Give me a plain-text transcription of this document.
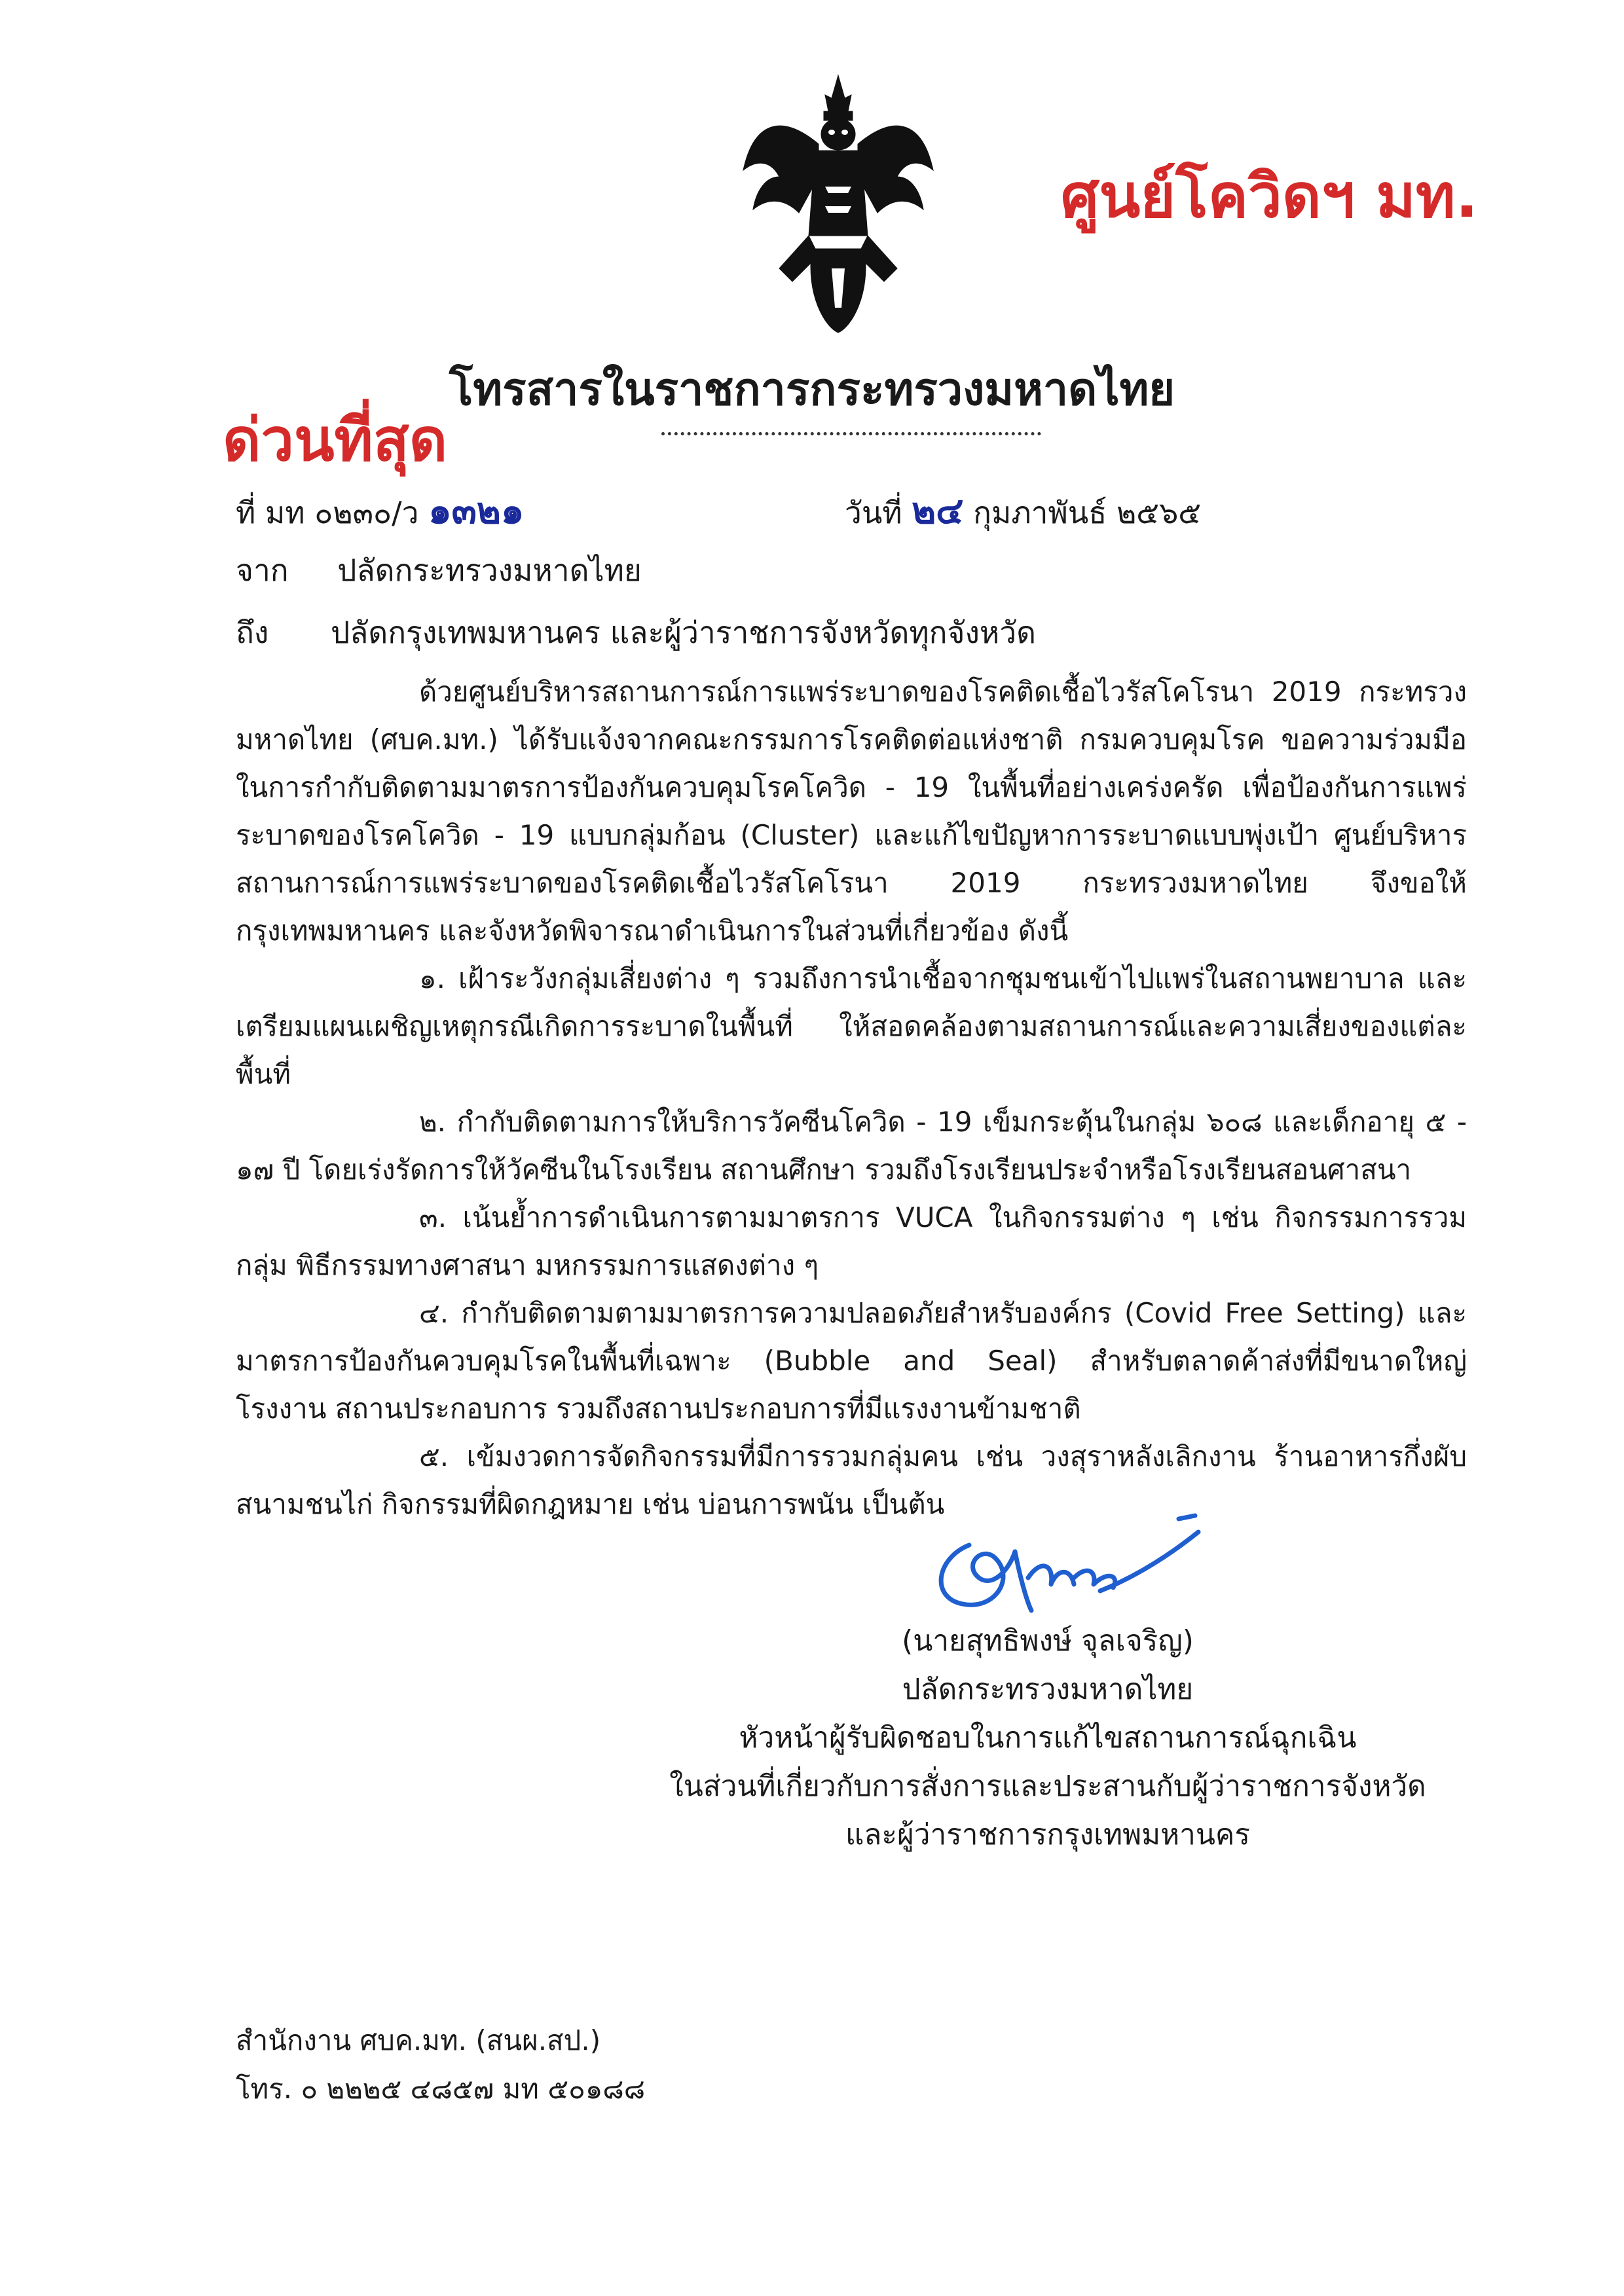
ศูนย์โควิดฯ มท.
โทรสารในราชการกระทรวงมหาดไทย
ด่วนที่สุด
ที่ มท ๐๒๓๐/ว ๑๓๒๑	วันที่ ๒๔ กุมภาพันธ์ ๒๕๖๕
จาก ปลัดกระทรวงมหาดไทย
ถึง ปลัดกรุงเทพมหานคร และผู้ว่าราชการจังหวัดทุกจังหวัด

ด้วยศูนย์บริหารสถานการณ์การแพร่ระบาดของโรคติดเชื้อไวรัสโคโรนา 2019 กระทรวงมหาดไทย (ศบค.มท.) ได้รับแจ้งจากคณะกรรมการโรคติดต่อแห่งชาติ กรมควบคุมโรค ขอความร่วมมือในการกำกับติดตามมาตรการป้องกันควบคุมโรคโควิด - 19 ในพื้นที่อย่างเคร่งครัด เพื่อป้องกันการแพร่ระบาดของโรคโควิด - 19 แบบกลุ่มก้อน (Cluster) และแก้ไขปัญหาการระบาดแบบพุ่งเป้า ศูนย์บริหารสถานการณ์การแพร่ระบาดของโรคติดเชื้อไวรัสโคโรนา 2019 กระทรวงมหาดไทย จึงขอให้กรุงเทพมหานคร และจังหวัดพิจารณาดำเนินการในส่วนที่เกี่ยวข้อง ดังนี้

๑. เฝ้าระวังกลุ่มเสี่ยงต่าง ๆ รวมถึงการนำเชื้อจากชุมชนเข้าไปแพร่ในสถานพยาบาล และเตรียมแผนเผชิญเหตุกรณีเกิดการระบาดในพื้นที่ ให้สอดคล้องตามสถานการณ์และความเสี่ยงของแต่ละพื้นที่

๒. กำกับติดตามการให้บริการวัคซีนโควิด - 19 เข็มกระตุ้นในกลุ่ม ๖๐๘ และเด็กอายุ ๕ - ๑๗ ปี โดยเร่งรัดการให้วัคซีนในโรงเรียน สถานศึกษา รวมถึงโรงเรียนประจำหรือโรงเรียนสอนศาสนา

๓. เน้นย้ำการดำเนินการตามมาตรการ VUCA ในกิจกรรมต่าง ๆ เช่น กิจกรรมการรวมกลุ่ม พิธีกรรมทางศาสนา มหกรรมการแสดงต่าง ๆ

๔. กำกับติดตามตามมาตรการความปลอดภัยสำหรับองค์กร (Covid Free Setting) และมาตรการป้องกันควบคุมโรคในพื้นที่เฉพาะ (Bubble and Seal) สำหรับตลาดค้าส่งที่มีขนาดใหญ่ โรงงาน สถานประกอบการ รวมถึงสถานประกอบการที่มีแรงงานข้ามชาติ

๕. เข้มงวดการจัดกิจกรรมที่มีการรวมกลุ่มคน เช่น วงสุราหลังเลิกงาน ร้านอาหารกึ่งผับ สนามชนไก่ กิจกรรมที่ผิดกฎหมาย เช่น บ่อนการพนัน เป็นต้น

(นายสุทธิพงษ์ จุลเจริญ)
ปลัดกระทรวงมหาดไทย
หัวหน้าผู้รับผิดชอบในการแก้ไขสถานการณ์ฉุกเฉิน
ในส่วนที่เกี่ยวกับการสั่งการและประสานกับผู้ว่าราชการจังหวัด
และผู้ว่าราชการกรุงเทพมหานคร
สำนักงาน ศบค.มท. (สนผ.สป.)
โทร. ๐ ๒๒๒๕ ๔๘๕๗ มท ๕๐๑๘๘
